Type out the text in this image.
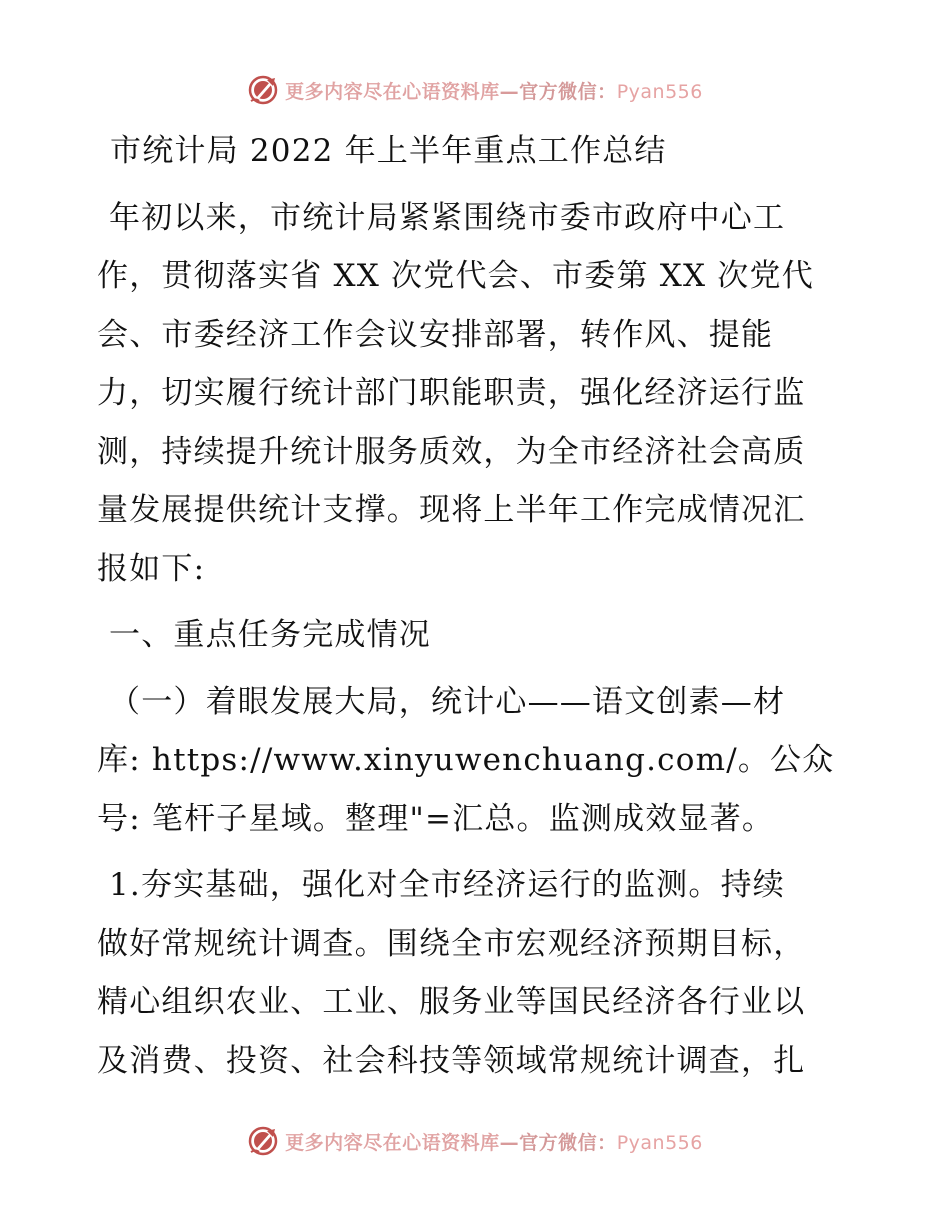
更多内容尽在心语资料库—官方微信：Pyan556
市统计局 2022 年上半年重点工作总结
年初以来，市统计局紧紧围绕市委市政府中心工
作，贯彻落实省 XX 次党代会、市委第 XX 次党代
会、市委经济工作会议安排部署，转作风、提能
力，切实履行统计部门职能职责，强化经济运行监
测，持续提升统计服务质效，为全市经济社会高质
量发展提供统计支撑。现将上半年工作完成情况汇
报如下:
一、重点任务完成情况
（一）着眼发展大局，统计心——语文创素—材
库: https://www.xinyuwenchuang.com/。公众
号: 笔杆子星域。整理"=汇总。监测成效显著。
1.夯实基础，强化对全市经济运行的监测。持续
做好常规统计调查。围绕全市宏观经济预期目标，
精心组织农业、工业、服务业等国民经济各行业以
及消费、投资、社会科技等领域常规统计调查，扎
更多内容尽在心语资料库—官方微信：Pyan556
